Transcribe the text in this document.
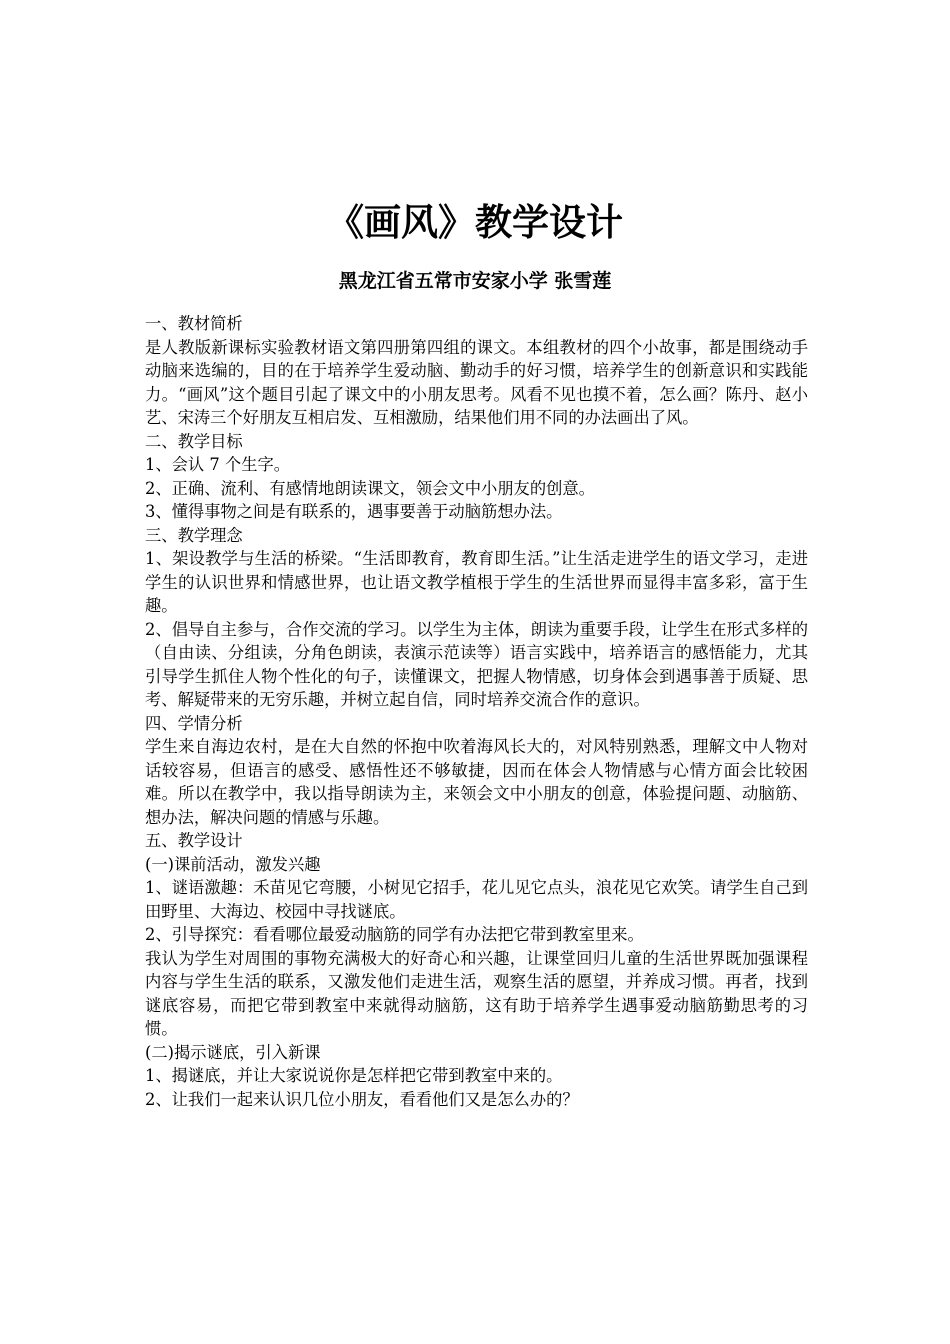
《画风》教学设计
黑龙江省五常市安家小学 张雪莲

一、教材简析

是人教版新课标实验教材语文第四册第四组的课文。本组教材的四个小故事，都是围绕动手动脑来选编的，目的在于培养学生爱动脑、勤动手的好习惯，培养学生的创新意识和实践能力。“画风”这个题目引起了课文中的小朋友思考。风看不见也摸不着，怎么画？陈丹、赵小艺、宋涛三个好朋友互相启发、互相激励，结果他们用不同的办法画出了风。

二、教学目标

1、会认 7 个生字。

2、正确、流利、有感情地朗读课文，领会文中小朋友的创意。

3、懂得事物之间是有联系的，遇事要善于动脑筋想办法。

三、教学理念

1、架设教学与生活的桥梁。“生活即教育，教育即生活。”让生活走进学生的语文学习，走进学生的认识世界和情感世界，也让语文教学植根于学生的生活世界而显得丰富多彩，富于生趣。

2、倡导自主参与，合作交流的学习。以学生为主体，朗读为重要手段，让学生在形式多样的（自由读、分组读，分角色朗读，表演示范读等）语言实践中，培养语言的感悟能力，尤其引导学生抓住人物个性化的句子，读懂课文，把握人物情感，切身体会到遇事善于质疑、思考、解疑带来的无穷乐趣，并树立起自信，同时培养交流合作的意识。

四、学情分析

学生来自海边农村，是在大自然的怀抱中吹着海风长大的，对风特别熟悉，理解文中人物对话较容易，但语言的感受、感悟性还不够敏捷，因而在体会人物情感与心情方面会比较困难。所以在教学中，我以指导朗读为主，来领会文中小朋友的创意，体验提问题、动脑筋、想办法，解决问题的情感与乐趣。

五、教学设计

(一)课前活动，激发兴趣

1、谜语激趣：禾苗见它弯腰，小树见它招手，花儿见它点头，浪花见它欢笑。请学生自己到田野里、大海边、校园中寻找谜底。

2、引导探究：看看哪位最爱动脑筋的同学有办法把它带到教室里来。

我认为学生对周围的事物充满极大的好奇心和兴趣，让课堂回归儿童的生活世界既加强课程内容与学生生活的联系，又激发他们走进生活，观察生活的愿望，并养成习惯。再者，找到谜底容易，而把它带到教室中来就得动脑筋，这有助于培养学生遇事爱动脑筋勤思考的习惯。

(二)揭示谜底，引入新课

1、揭谜底，并让大家说说你是怎样把它带到教室中来的。

2、让我们一起来认识几位小朋友，看看他们又是怎么办的？
